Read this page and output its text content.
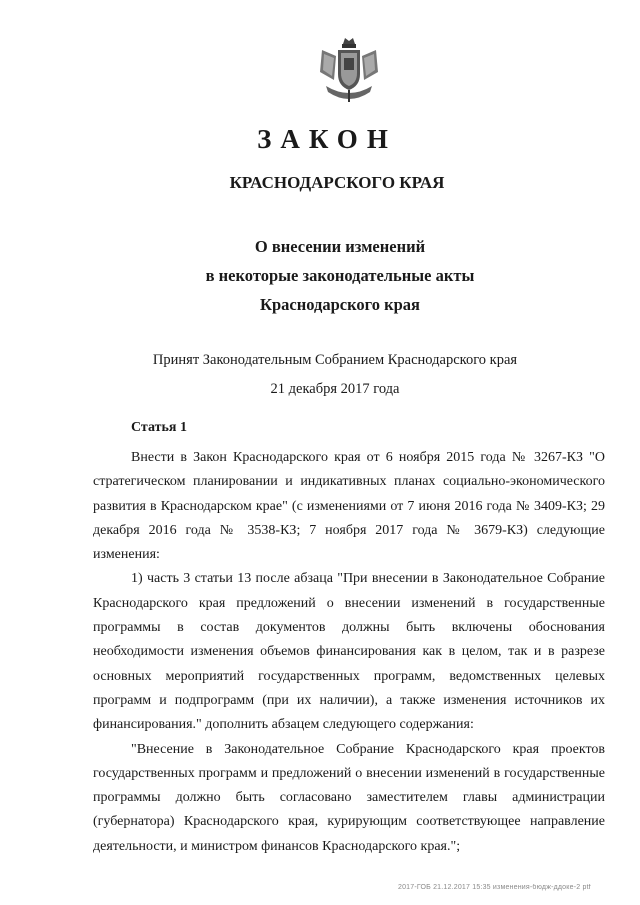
ЗАКОН
КРАСНОДАРСКОГО КРАЯ
О внесении изменений
в некоторые законодательные акты
Краснодарского края
Принят Законодательным Собранием Краснодарского края
21 декабря 2017 года
Статья 1

Внести в Закон Краснодарского края от 6 ноября 2015 года № 3267-КЗ "О стратегическом планировании и индикативных планах социально-экономического развития в Краснодарском крае" (с изменениями от 7 июня 2016 года № 3409-КЗ; 29 декабря 2016 года № 3538-КЗ; 7 ноября 2017 года № 3679-КЗ) следующие изменения:

1) часть 3 статьи 13 после абзаца "При внесении в Законодательное Собрание Краснодарского края предложений о внесении изменений в государственные программы в состав документов должны быть включены обоснования необходимости изменения объемов финансирования как в целом, так и в разрезе основных мероприятий государственных программ, ведомственных целевых программ и подпрограмм (при их наличии), а также изменения источников их финансирования." дополнить абзацем следующего содержания:

"Внесение в Законодательное Собрание Краснодарского края проектов государственных программ и предложений о внесении изменений в государственные программы должно быть согласовано заместителем главы администрации (губернатора) Краснодарского края, курирующим соответствующее направление деятельности, и министром финансов Краснодарского края.";

2017-ГОБ 21.12.2017 15:35 изменения-бюдж-ддоке-2 рtf
